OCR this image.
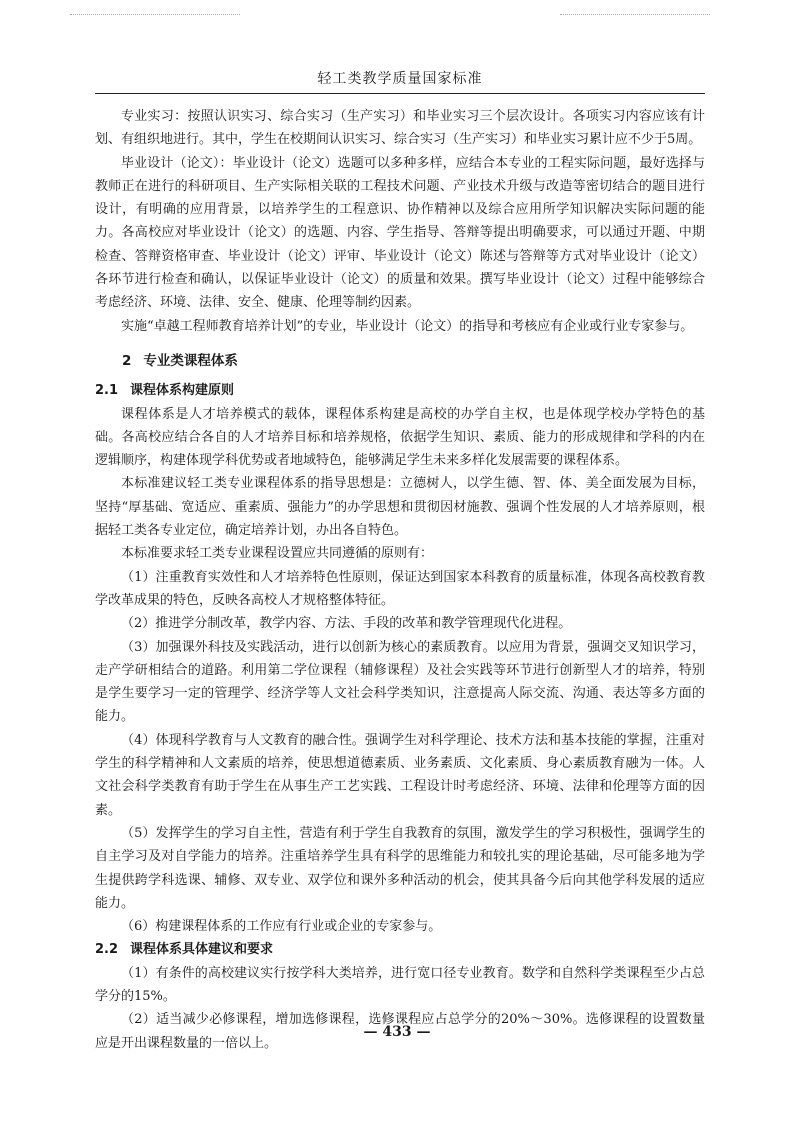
轻工类教学质量国家标准

专业实习：按照认识实习、综合实习（生产实习）和毕业实习三个层次设计。各项实习内容应该有计划、有组织地进行。其中，学生在校期间认识实习、综合实习（生产实习）和毕业实习累计应不少于5周。

毕业设计（论文）：毕业设计（论文）选题可以多种多样，应结合本专业的工程实际问题，最好选择与教师正在进行的科研项目、生产实际相关联的工程技术问题、产业技术升级与改造等密切结合的题目进行设计，有明确的应用背景，以培养学生的工程意识、协作精神以及综合应用所学知识解决实际问题的能力。各高校应对毕业设计（论文）的选题、内容、学生指导、答辩等提出明确要求，可以通过开题、中期检查、答辩资格审查、毕业设计（论文）评审、毕业设计（论文）陈述与答辩等方式对毕业设计（论文）各环节进行检查和确认，以保证毕业设计（论文）的质量和效果。撰写毕业设计（论文）过程中能够综合考虑经济、环境、法律、安全、健康、伦理等制约因素。

实施“卓越工程师教育培养计划”的专业，毕业设计（论文）的指导和考核应有企业或行业专家参与。

2 专业类课程体系
2.1 课程体系构建原则

课程体系是人才培养模式的载体，课程体系构建是高校的办学自主权，也是体现学校办学特色的基础。各高校应结合各自的人才培养目标和培养规格，依据学生知识、素质、能力的形成规律和学科的内在逻辑顺序，构建体现学科优势或者地域特色，能够满足学生未来多样化发展需要的课程体系。

本标准建议轻工类专业课程体系的指导思想是：立德树人，以学生德、智、体、美全面发展为目标，坚持“厚基础、宽适应、重素质、强能力”的办学思想和贯彻因材施教、强调个性发展的人才培养原则，根据轻工类各专业定位，确定培养计划，办出各自特色。

本标准要求轻工类专业课程设置应共同遵循的原则有：

（1）注重教育实效性和人才培养特色性原则，保证达到国家本科教育的质量标准，体现各高校教育教学改革成果的特色，反映各高校人才规格整体特征。

（2）推进学分制改革，教学内容、方法、手段的改革和教学管理现代化进程。

（3）加强课外科技及实践活动，进行以创新为核心的素质教育。以应用为背景，强调交叉知识学习，走产学研相结合的道路。利用第二学位课程（辅修课程）及社会实践等环节进行创新型人才的培养，特别是学生要学习一定的管理学、经济学等人文社会科学类知识，注意提高人际交流、沟通、表达等多方面的能力。

（4）体现科学教育与人文教育的融合性。强调学生对科学理论、技术方法和基本技能的掌握，注重对学生的科学精神和人文素质的培养，使思想道德素质、业务素质、文化素质、身心素质教育融为一体。人文社会科学类教育有助于学生在从事生产工艺实践、工程设计时考虑经济、环境、法律和伦理等方面的因素。

（5）发挥学生的学习自主性，营造有利于学生自我教育的氛围，激发学生的学习积极性，强调学生的自主学习及对自学能力的培养。注重培养学生具有科学的思维能力和较扎实的理论基础，尽可能多地为学生提供跨学科选课、辅修、双专业、双学位和课外多种活动的机会，使其具备今后向其他学科发展的适应能力。

（6）构建课程体系的工作应有行业或企业的专家参与。

2.2 课程体系具体建议和要求

（1）有条件的高校建议实行按学科大类培养，进行宽口径专业教育。数学和自然科学类课程至少占总学分的15%。

（2）适当减少必修课程，增加选修课程，选修课程应占总学分的20%～30%。选修课程的设置数量应是开出课程数量的一倍以上。

— 433 —
